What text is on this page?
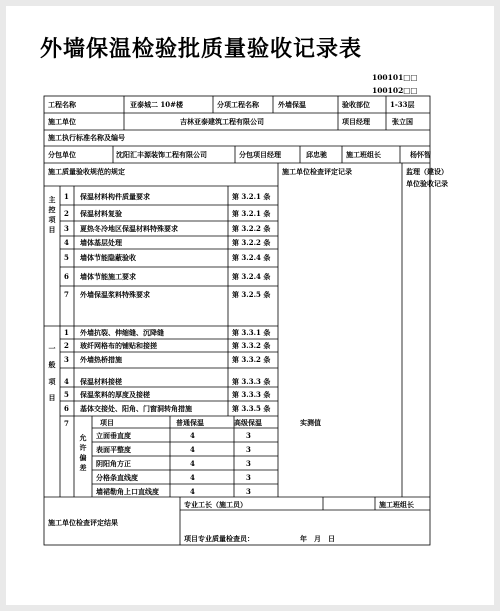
外墙保温检验批质量验收记录表
100101□□
100102□□
工程名称	亚泰城二 10#楼	分项工程名称	外墙保温	验收部位	1-33层
施工单位	吉林亚泰建筑工程有限公司	项目经理	张立国
施工执行标准名称及编号
分包单位	沈阳汇丰源装饰工程有限公司	分包项目经理	邱忠驰	施工班组长	杨怀智
施工质量验收规范的规定	施工单位检查评定记录	监理（建设）
单位验收记录
主
控
项
目
1 保温材料构件质量要求	第 3.2.1 条
2 保温材料复验	第 3.2.1 条
3 夏热冬冷地区保温材料特殊要求	第 3.2.2 条
4 墙体基层处理	第 3.2.2 条
5 墙体节能隐蔽验收	第 3.2.4 条
6 墙体节能施工要求	第 3.2.4 条
7 外墙保温浆料特殊要求	第 3.2.5 条
一
般
项
目
1 外墙抗裂、伸缩缝、沉降缝	第 3.3.1 条
2 玻纤网格布的铺贴和接搓	第 3.3.2 条
3 外墙热桥措施	第 3.3.2 条
4 保温材料接槎	第 3.3.3 条
5 保温浆料的厚度及接槎	第 3.3.3 条
6 基体交接处、阳角、门窗洞转角措施	第 3.3.5 条
7
允
许
偏
差
项目	普通保温	高级保温	实测值
立面垂直度	4	3
表面平整度	4	3
阴阳角方正	4	3
分格条直线度	4	3
墙裙勒角上口直线度	4	3
施工单位检查评定结果
专业工长（施工员）	施工班组长
项目专业质量检查员：	年　月　日
